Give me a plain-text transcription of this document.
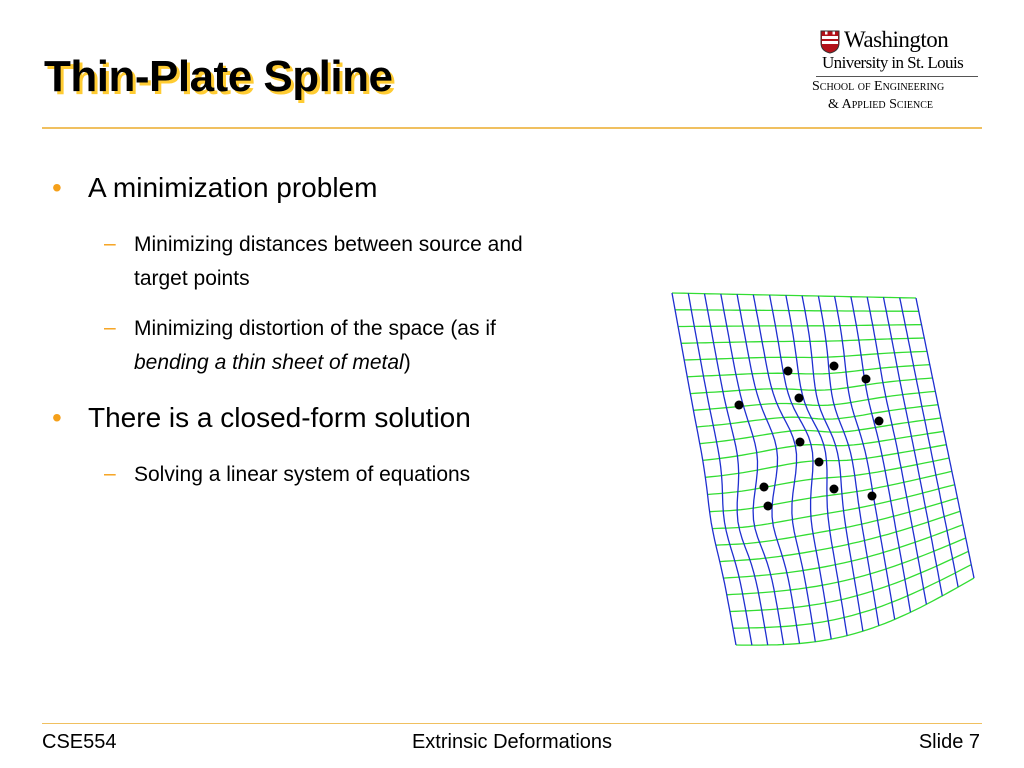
Thin-Plate Spline
Washington
University in St. Louis
School of Engineering
& Applied Science
• A minimization problem
– Minimizing distances between source and
target points
– Minimizing distortion of the space (as if
bending a thin sheet of metal)
• There is a closed-form solution
– Solving a linear system of equations
CSE554	Extrinsic Deformations	Slide 7
